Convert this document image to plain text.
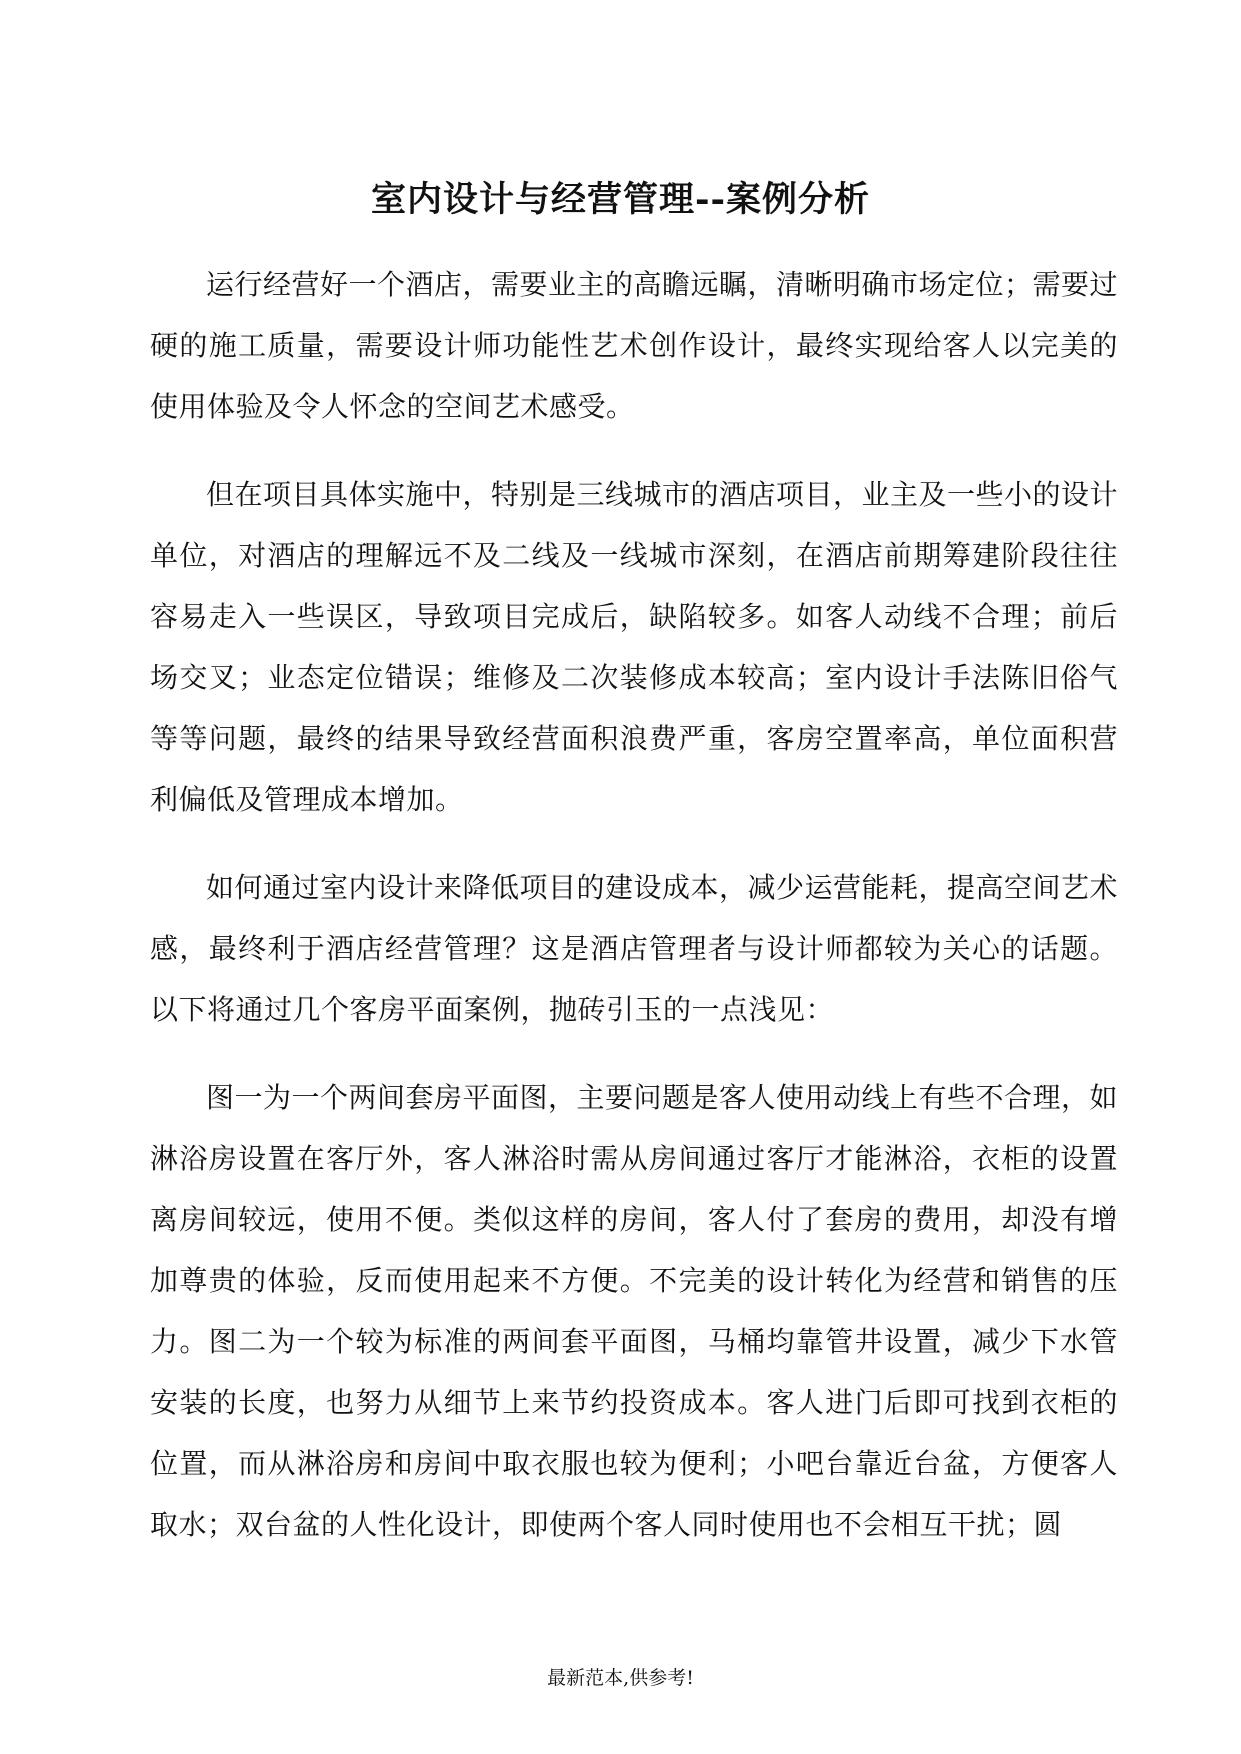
室内设计与经营管理--案例分析

运行经营好一个酒店，需要业主的高瞻远瞩，清晰明确市场定位；需要过硬的施工质量，需要设计师功能性艺术创作设计，最终实现给客人以完美的使用体验及令人怀念的空间艺术感受。

但在项目具体实施中，特别是三线城市的酒店项目，业主及一些小的设计单位，对酒店的理解远不及二线及一线城市深刻，在酒店前期筹建阶段往往容易走入一些误区，导致项目完成后，缺陷较多。如客人动线不合理；前后场交叉；业态定位错误；维修及二次装修成本较高；室内设计手法陈旧俗气等等问题，最终的结果导致经营面积浪费严重，客房空置率高，单位面积营利偏低及管理成本增加。

如何通过室内设计来降低项目的建设成本，减少运营能耗，提高空间艺术感，最终利于酒店经营管理？这是酒店管理者与设计师都较为关心的话题。以下将通过几个客房平面案例，抛砖引玉的一点浅见：

图一为一个两间套房平面图，主要问题是客人使用动线上有些不合理，如淋浴房设置在客厅外，客人淋浴时需从房间通过客厅才能淋浴，衣柜的设置离房间较远，使用不便。类似这样的房间，客人付了套房的费用，却没有增加尊贵的体验，反而使用起来不方便。不完美的设计转化为经营和销售的压力。图二为一个较为标准的两间套平面图，马桶均靠管井设置，减少下水管安装的长度，也努力从细节上来节约投资成本。客人进门后即可找到衣柜的位置，而从淋浴房和房间中取衣服也较为便利；小吧台靠近台盆，方便客人取水；双台盆的人性化设计，即使两个客人同时使用也不会相互干扰；圆

最新范本,供参考!
